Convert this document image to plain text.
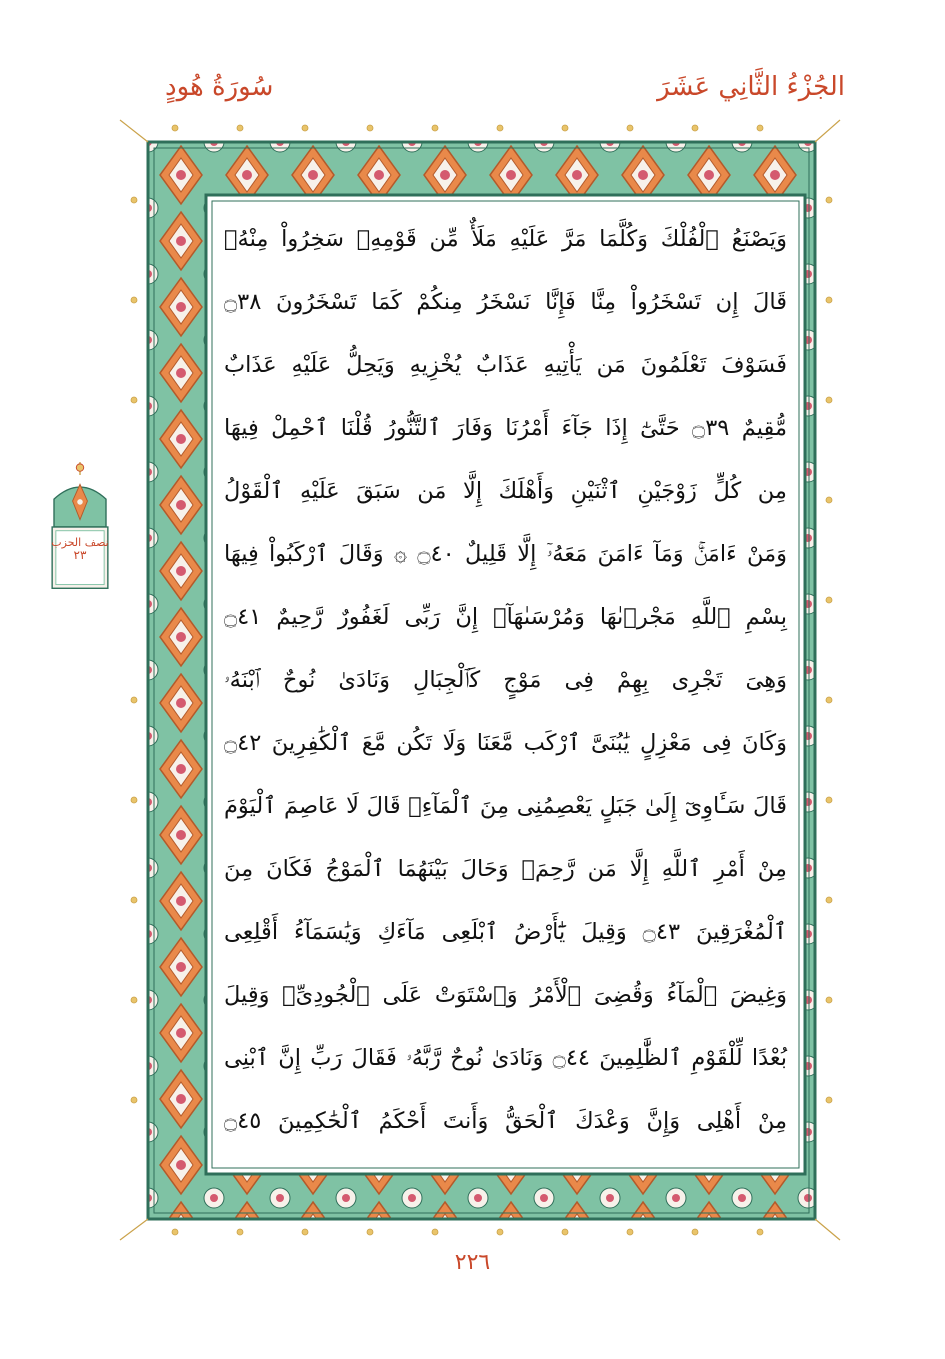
الجُزْءُ الثَّانِي عَشَرَ
سُورَةُ هُودٍ
وَيَصْنَعُ ٱلْفُلْكَ وَكُلَّمَا مَرَّ عَلَيْهِ مَلَأٌ مِّن قَوْمِهِۦ سَخِرُواْ مِنْهُۚ
قَالَ إِن تَسْخَرُواْ مِنَّا فَإِنَّا نَسْخَرُ مِنكُمْ كَمَا تَسْخَرُونَ ۝٣٨
فَسَوْفَ تَعْلَمُونَ مَن يَأْتِيهِ عَذَابٌ يُخْزِيهِ وَيَحِلُّ عَلَيْهِ عَذَابٌ
مُّقِيمٌ ۝٣٩ حَتَّىٰٓ إِذَا جَآءَ أَمْرُنَا وَفَارَ ٱلتَّنُّورُ قُلْنَا ٱحْمِلْ فِيهَا
مِن كُلٍّ زَوْجَيْنِ ٱثْنَيْنِ وَأَهْلَكَ إِلَّا مَن سَبَقَ عَلَيْهِ ٱلْقَوْلُ
وَمَنْ ءَامَنَۚ وَمَآ ءَامَنَ مَعَهُۥٓ إِلَّا قَلِيلٌ ۝٤٠ ۞ وَقَالَ ٱرْكَبُواْ فِيهَا
بِسْمِ ٱللَّهِ مَجْر۪ىٰهَا وَمُرْسَىٰهَآۚ إِنَّ رَبِّى لَغَفُورٌ رَّحِيمٌ ۝٤١
وَهِىَ تَجْرِى بِهِمْ فِى مَوْجٍ كَٱلْجِبَالِ وَنَادَىٰ نُوحٌ ٱبْنَهُۥ
وَكَانَ فِى مَعْزِلٍ يَٰبُنَىَّ ٱرْكَب مَّعَنَا وَلَا تَكُن مَّعَ ٱلْكَٰفِرِينَ ۝٤٢
قَالَ سَـَٔاوِىٓ إِلَىٰ جَبَلٍ يَعْصِمُنِى مِنَ ٱلْمَآءِۚ قَالَ لَا عَاصِمَ ٱلْيَوْمَ
مِنْ أَمْرِ ٱللَّهِ إِلَّا مَن رَّحِمَۚ وَحَالَ بَيْنَهُمَا ٱلْمَوْجُ فَكَانَ مِنَ
ٱلْمُغْرَقِينَ ۝٤٣ وَقِيلَ يَٰٓأَرْضُ ٱبْلَعِى مَآءَكِ وَيَٰسَمَآءُ أَقْلِعِى
وَغِيضَ ٱلْمَآءُ وَقُضِىَ ٱلْأَمْرُ وَٱسْتَوَتْ عَلَى ٱلْجُودِىِّۖ وَقِيلَ
بُعْدًا لِّلْقَوْمِ ٱلظَّٰلِمِينَ ۝٤٤ وَنَادَىٰ نُوحٌ رَّبَّهُۥ فَقَالَ رَبِّ إِنَّ ٱبْنِى
مِنْ أَهْلِى وَإِنَّ وَعْدَكَ ٱلْحَقُّ وَأَنتَ أَحْكَمُ ٱلْحَٰكِمِينَ ۝٤٥
نصف الحزب
٢٣
٢٢٦
